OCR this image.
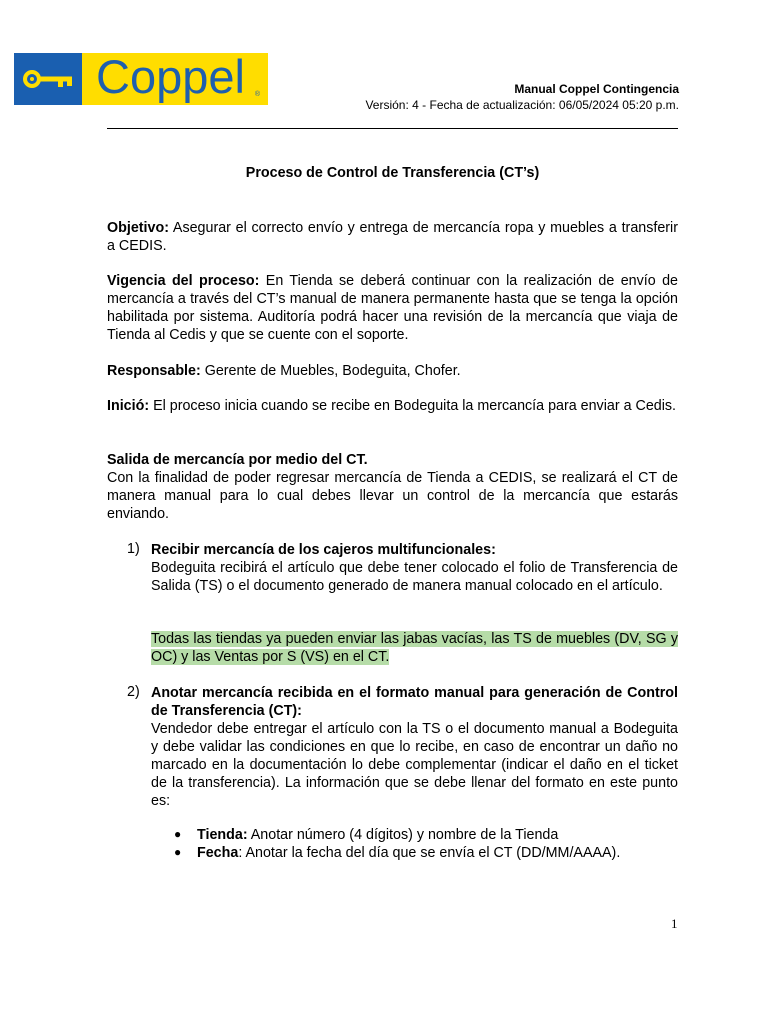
Coppel ®	Manual Coppel Contingencia
Versión: 4 - Fecha de actualización: 06/05/2024 05:20 p.m.
Proceso de Control de Transferencia (CT’s)
Objetivo: Asegurar el correcto envío y entrega de mercancía ropa y muebles a transferir a CEDIS.
Vigencia del proceso: En Tienda se deberá continuar con la realización de envío de mercancía a través del CT’s manual de manera permanente hasta que se tenga la opción habilitada por sistema. Auditoría podrá hacer una revisión de la mercancía que viaja de Tienda al Cedis y que se cuente con el soporte.
Responsable: Gerente de Muebles, Bodeguita, Chofer.
Inició: El proceso inicia cuando se recibe en Bodeguita la mercancía para enviar a Cedis.
Salida de mercancía por medio del CT.
Con la finalidad de poder regresar mercancía de Tienda a CEDIS, se realizará el CT de manera manual para lo cual debes llevar un control de la mercancía que estarás enviando.
1) Recibir mercancía de los cajeros multifuncionales:
Bodeguita recibirá el artículo que debe tener colocado el folio de Transferencia de Salida (TS) o el documento generado de manera manual colocado en el artículo.
Todas las tiendas ya pueden enviar las jabas vacías, las TS de muebles (DV, SG y OC) y las Ventas por S (VS) en el CT.
2) Anotar mercancía recibida en el formato manual para generación de Control de Transferencia (CT):
Vendedor debe entregar el artículo con la TS o el documento manual a Bodeguita y debe validar las condiciones en que lo recibe, en caso de encontrar un daño no marcado en la documentación lo debe complementar (indicar el daño en el ticket de la transferencia). La información que se debe llenar del formato en este punto es:
● Tienda: Anotar número (4 dígitos) y nombre de la Tienda
● Fecha: Anotar la fecha del día que se envía el CT (DD/MM/AAAA).
1
